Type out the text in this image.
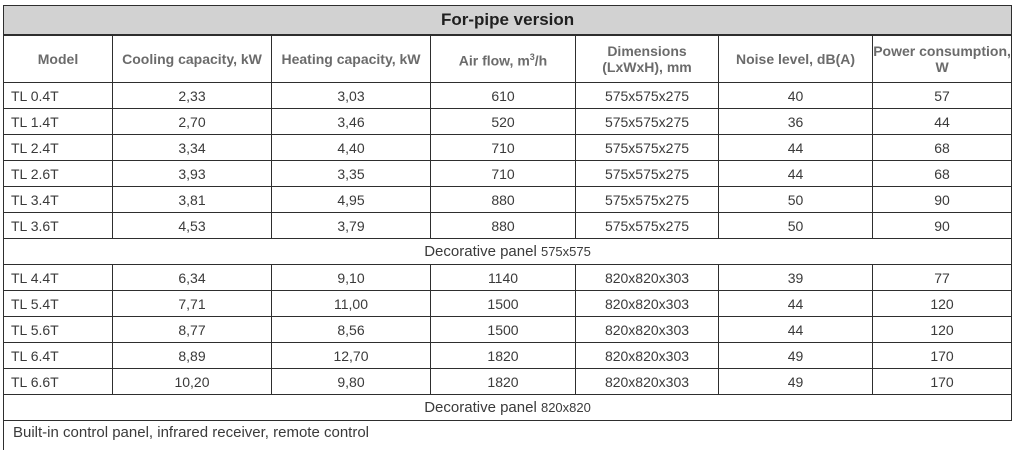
For-pipe version						
Model	Cooling capacity, kW	Heating capacity, kW	Air flow, $m^3/h$	Dimensions (LxWxH), mm	Noise level, dB(A)	Power consumption, W
TL 0.4T	2,33	3,03	610	575x575x275	40	57
TL 1.4T	2,70	3,46	520	575x575x275	36	44
TL 2.4T	3,34	4,40	710	575x575x275	44	68
TL 2.6T	3,93	3,35	710	575x575x275	44	68
TL 3.4T	3,81	4,95	880	575x575x275	50	90
TL 3.6T	4,53	3,79	880	575x575x275	50	90
Decorative panel 575x575						
TL 4.4T	6,34	9,10	1140	820x820x303	39	77
TL 5.4T	7,71	11,00	1500	820x820x303	44	120
TL 5.6T	8,77	8,56	1500	820x820x303	44	120
TL 6.4T	8,89	12,70	1820	820x820x303	49	170
TL 6.6T	10,20	9,80	1820	820x820x303	49	170
Decorative panel 820x820						
Built-in control panel, infrared receiver, remote control						
